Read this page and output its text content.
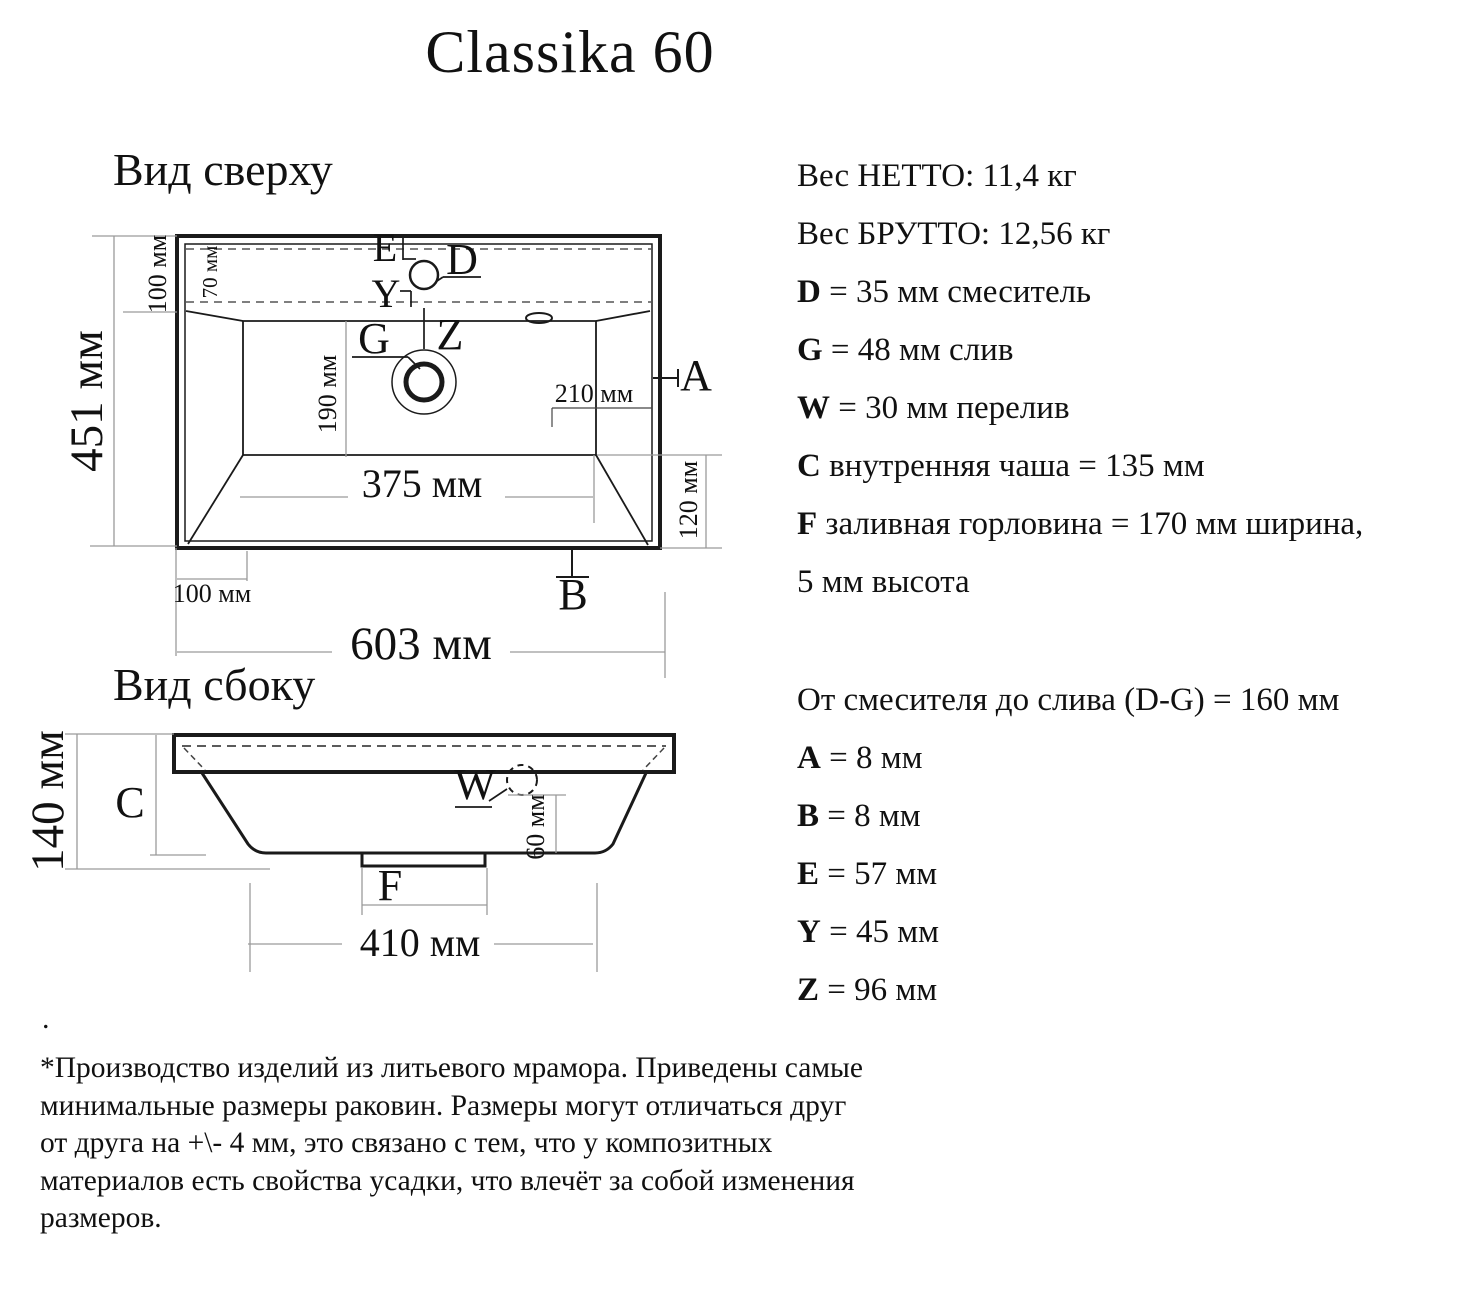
Classika 60
Вид сверху
Вид сбоку
E D
Y
G Z
A
B
451 мм
100 мм 70 мм
190 мм	210 мм
375 мм	120 мм
100 мм
603 мм
C	W
F
140 мм	60 мм
410 мм
Вес НЕТТО: 11,4 кг
Вес БРУТТО: 12,56 кг
D = 35 мм смеситель
G = 48 мм слив
W = 30 мм перелив
C внутренняя чаша = 135 мм
F заливная горловина = 170 мм ширина,
5 мм высота
От смесителя до слива (D-G) = 160 мм
A = 8 мм
B = 8 мм
E = 57 мм
Y = 45 мм
Z = 96 мм
.
*Производство изделий из литьевого мрамора. Приведены самые
минимальные размеры раковин. Размеры могут отличаться друг
от друга на +\- 4 мм, это связано с тем, что у композитных
материалов есть свойства усадки, что влечёт за собой изменения
размеров.
